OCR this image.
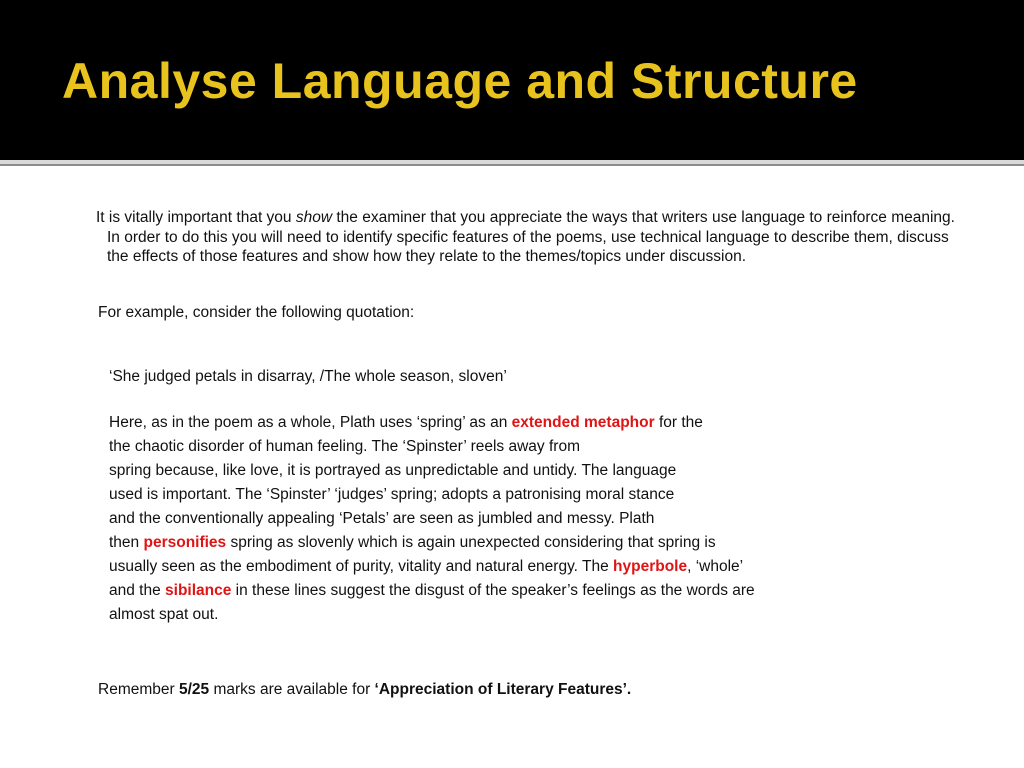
Analyse Language and Structure
It is vitally important that you show the examiner that you appreciate the ways that writers use language to reinforce meaning. In order to do this you will need to identify specific features of the poems, use technical language to describe them, discuss the effects of those features and show how they relate to the themes/topics under discussion.
For example, consider the following quotation:
‘She judged petals in disarray, /The whole season, sloven’
Here, as in the poem as a whole, Plath uses ‘spring’ as an extended metaphor for the
the chaotic disorder of human feeling. The ‘Spinster’ reels away from
spring because, like love, it is portrayed as unpredictable and untidy. The language
used is important. The ‘Spinster’ ‘judges’ spring; adopts a patronising moral stance
and the conventionally appealing ‘Petals’ are seen as jumbled and messy. Plath
then personifies spring as slovenly which is again unexpected considering that spring is
usually seen as the embodiment of purity, vitality and natural energy. The hyperbole, ‘whole’
and the sibilance in these lines suggest the disgust of the speaker’s feelings as the words are
almost spat out.
Remember 5/25 marks are available for ‘Appreciation of Literary Features’.
